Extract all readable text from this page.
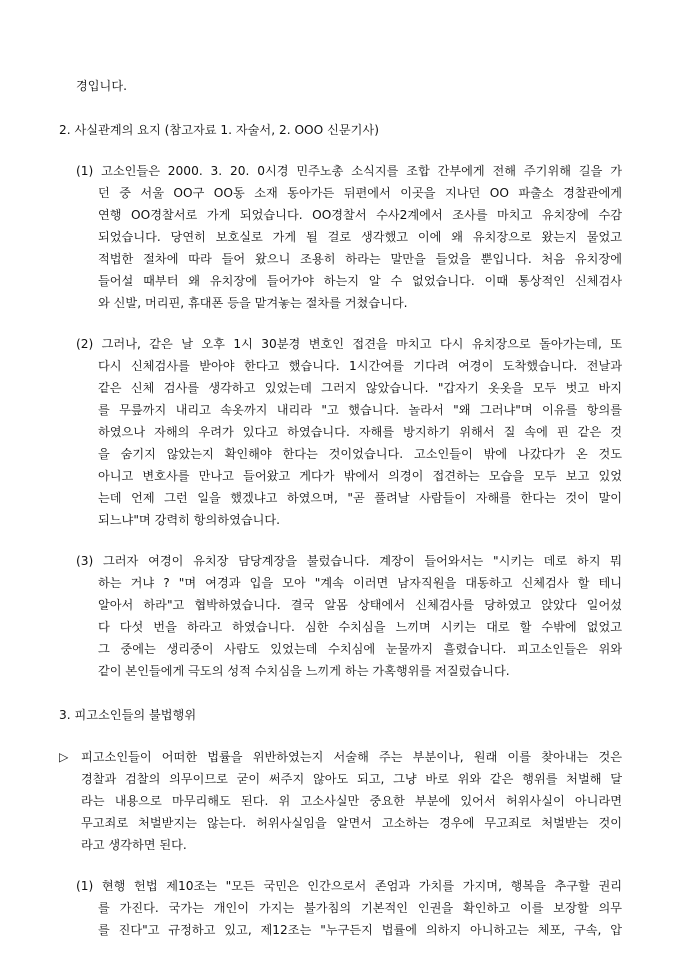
경입니다.
2. 사실관계의 요지 (참고자료 1. 자술서, 2. OOO 신문기사)
(1) 고소인들은 2000. 3. 20. 0시경 민주노총 소식지를 조합 간부에게 전해 주기위해 길을 가
던 중 서울 OO구 OO동 소재 동아가든 뒤편에서 이곳을 지나던 OO 파출소 경찰관에게
연행 OO경찰서로 가게 되었습니다. OO경찰서 수사2계에서 조사를 마치고 유치장에 수감
되었습니다. 당연히 보호실로 가게 될 걸로 생각했고 이에 왜 유치장으로 왔는지 물었고
적법한 절차에 따라 들어 왔으니 조용히 하라는 말만을 들었을 뿐입니다. 처음 유치장에
들어설 때부터 왜 유치장에 들어가야 하는지 알 수 없었습니다. 이때 통상적인 신체검사
와 신발, 머리핀, 휴대폰 등을 맡겨놓는 절차를 거쳤습니다.
(2) 그러나, 같은 날 오후 1시 30분경 변호인 접견을 마치고 다시 유치장으로 돌아가는데, 또
다시 신체검사를 받아야 한다고 했습니다. 1시간여를 기다려 여경이 도착했습니다. 전날과
같은 신체 검사를 생각하고 있었는데 그러지 않았습니다. "갑자기 옷옷을 모두 벗고 바지
를 무릎까지 내리고 속옷까지 내리라 "고 했습니다. 놀라서 "왜 그러냐"며 이유를 항의를
하였으나 자해의 우려가 있다고 하였습니다. 자해를 방지하기 위해서 질 속에 핀 같은 것
을 숨기지 않았는지 확인해야 한다는 것이었습니다. 고소인들이 밖에 나갔다가 온 것도
아니고 변호사를 만나고 들어왔고 게다가 밖에서 의경이 접견하는 모습을 모두 보고 있었
는데 언제 그런 일을 했겠냐고 하였으며, "곧 풀려날 사람들이 자해를 한다는 것이 말이
되느냐"며 강력히 항의하였습니다.
(3) 그러자 여경이 유치장 담당계장을 불렀습니다. 계장이 들어와서는 "시키는 데로 하지 뭐
하는 거냐 ? "며 여경과 입을 모아 "계속 이러면 남자직원을 대동하고 신체검사 할 테니
알아서 하라"고 협박하였습니다. 결국 알몸 상태에서 신체검사를 당하였고 앉았다 일어섰
다 다섯 번을 하라고 하였습니다. 심한 수치심을 느끼며 시키는 대로 할 수밖에 없었고
그 중에는 생리중이 사람도 있었는데 수치심에 눈물까지 흘렸습니다. 피고소인들은 위와
같이 본인들에게 극도의 성적 수치심을 느끼게 하는 가혹행위를 저질렀습니다.
3. 피고소인들의 불법행위
▷ 피고소인들이 어떠한 법률을 위반하였는지 서술해 주는 부분이나, 원래 이를 찾아내는 것은
경찰과 검찰의 의무이므로 굳이 써주지 않아도 되고, 그냥 바로 위와 같은 행위를 처벌해 달
라는 내용으로 마무리해도 된다. 위 고소사실만 중요한 부분에 있어서 허위사실이 아니라면
무고죄로 처벌받지는 않는다. 허위사실임을 알면서 고소하는 경우에 무고죄로 처벌받는 것이
라고 생각하면 된다.
(1) 현행 헌법 제10조는 "모든 국민은 인간으로서 존엄과 가치를 가지며, 행복을 추구할 권리
를 가진다. 국가는 개인이 가지는 불가침의 기본적인 인권을 확인하고 이를 보장할 의무
를 진다"고 규정하고 있고, 제12조는 "누구든지 법률에 의하지 아니하고는 체포, 구속, 압
